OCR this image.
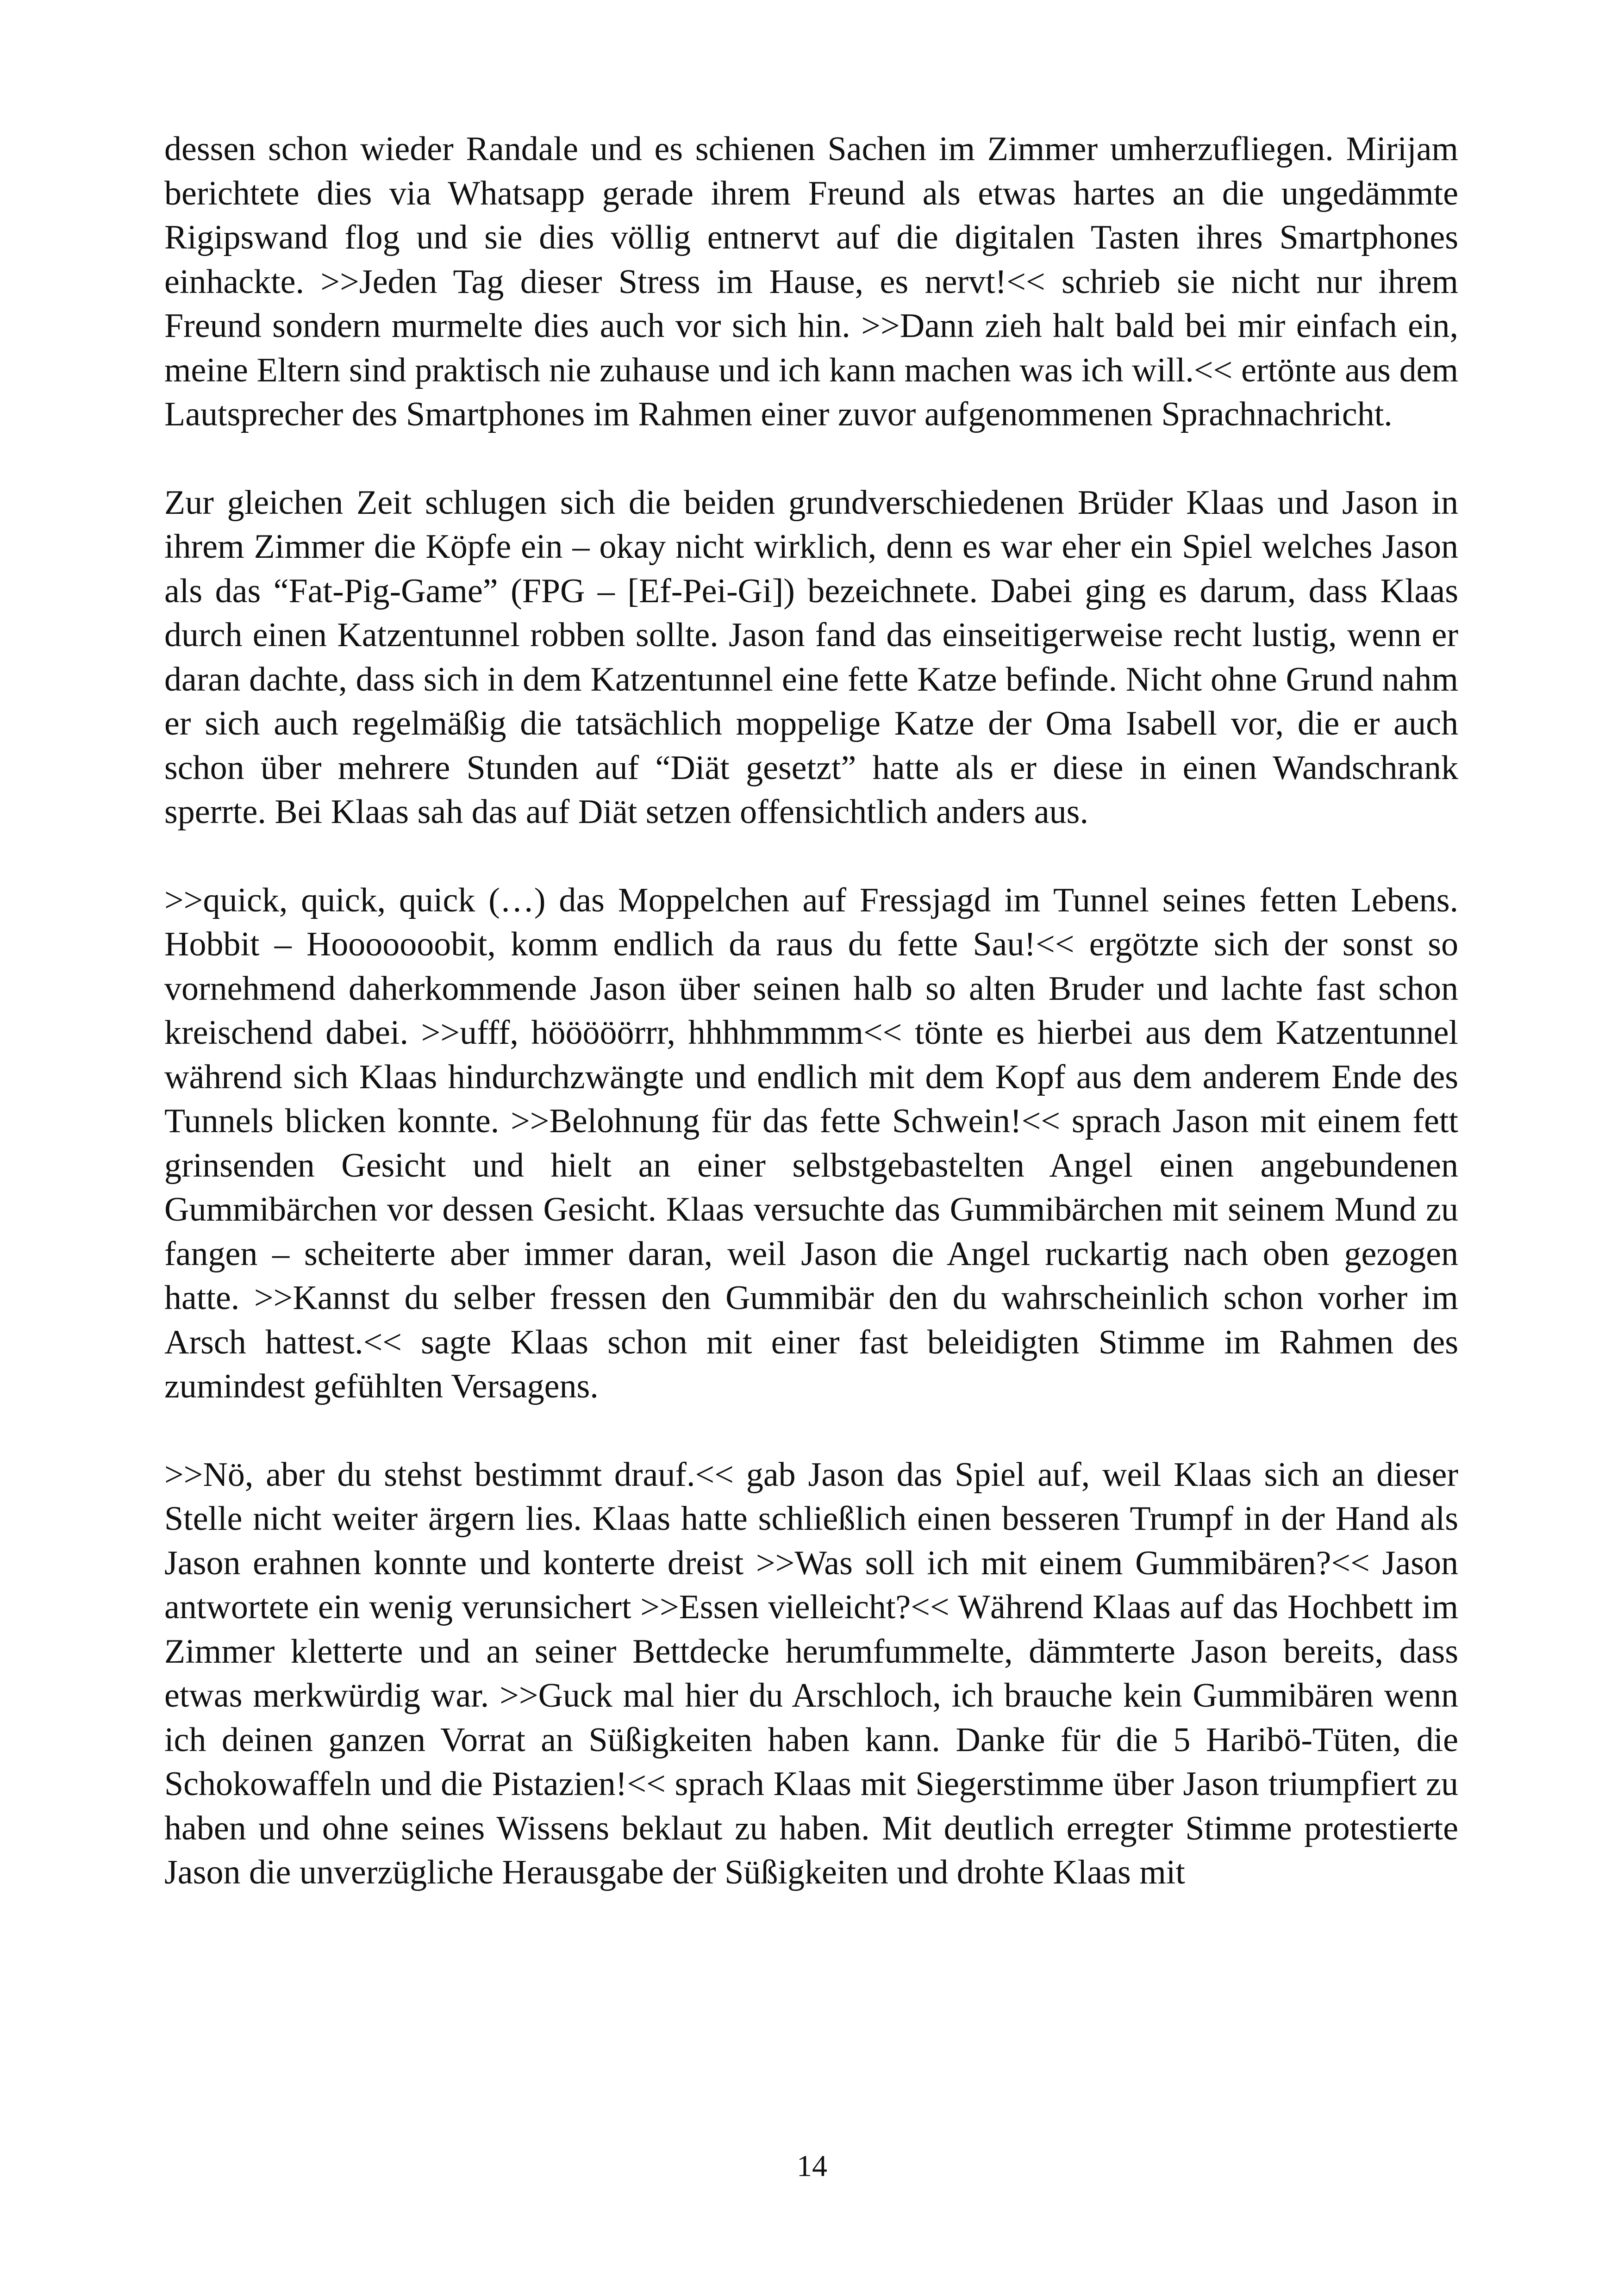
dessen schon wieder Randale und es schienen Sachen im Zimmer umherzufliegen. Mirijam berichtete dies via Whatsapp gerade ihrem Freund als etwas hartes an die ungedämmte Rigipswand flog und sie dies völlig entnervt auf die digitalen Tasten ihres Smartphones einhackte. >>Jeden Tag dieser Stress im Hause, es nervt!<< schrieb sie nicht nur ihrem Freund sondern murmelte dies auch vor sich hin. >>Dann zieh halt bald bei mir einfach ein, meine Eltern sind praktisch nie zuhause und ich kann machen was ich will.<< ertönte aus dem Lautsprecher des Smartphones im Rahmen einer zuvor aufgenommenen Sprachnachricht.

Zur gleichen Zeit schlugen sich die beiden grundverschiedenen Brüder Klaas und Jason in ihrem Zimmer die Köpfe ein – okay nicht wirklich, denn es war eher ein Spiel welches Jason als das “Fat-Pig-Game” (FPG – [Ef-Pei-Gi]) bezeichnete. Dabei ging es darum, dass Klaas durch einen Katzentunnel robben sollte. Jason fand das einseitigerweise recht lustig, wenn er daran dachte, dass sich in dem Katzentunnel eine fette Katze befinde. Nicht ohne Grund nahm er sich auch regelmäßig die tatsächlich moppelige Katze der Oma Isabell vor, die er auch schon über mehrere Stunden auf “Diät gesetzt” hatte als er diese in einen Wandschrank sperrte. Bei Klaas sah das auf Diät setzen offensichtlich anders aus.

>>quick, quick, quick (…) das Moppelchen auf Fressjagd im Tunnel seines fetten Lebens. Hobbit – Hooooooobit, komm endlich da raus du fette Sau!<< ergötzte sich der sonst so vornehmend daherkommende Jason über seinen halb so alten Bruder und lachte fast schon kreischend dabei. >>ufff, hööööörrr, hhhhmmmm<< tönte es hierbei aus dem Katzentunnel während sich Klaas hindurchzwängte und endlich mit dem Kopf aus dem anderem Ende des Tunnels blicken konnte. >>Belohnung für das fette Schwein!<< sprach Jason mit einem fett grinsenden Gesicht und hielt an einer selbstgebastelten Angel einen angebundenen Gummibärchen vor dessen Gesicht. Klaas versuchte das Gummibärchen mit seinem Mund zu fangen – scheiterte aber immer daran, weil Jason die Angel ruckartig nach oben gezogen hatte. >>Kannst du selber fressen den Gummibär den du wahrscheinlich schon vorher im Arsch hattest.<< sagte Klaas schon mit einer fast beleidigten Stimme im Rahmen des zumindest gefühlten Versagens.

>>Nö, aber du stehst bestimmt drauf.<< gab Jason das Spiel auf, weil Klaas sich an dieser Stelle nicht weiter ärgern lies. Klaas hatte schließlich einen besseren Trumpf in der Hand als Jason erahnen konnte und konterte dreist >>Was soll ich mit einem Gummibären?<< Jason antwortete ein wenig verunsichert >>Essen vielleicht?<< Während Klaas auf das Hochbett im Zimmer kletterte und an seiner Bettdecke herumfummelte, dämmterte Jason bereits, dass etwas merkwürdig war. >>Guck mal hier du Arschloch, ich brauche kein Gummibären wenn ich deinen ganzen Vorrat an Süßigkeiten haben kann. Danke für die 5 Haribö-Tüten, die Schokowaffeln und die Pistazien!<< sprach Klaas mit Siegerstimme über Jason triumpfiert zu haben und ohne seines Wissens beklaut zu haben. Mit deutlich erregter Stimme protestierte Jason die unverzügliche Herausgabe der Süßigkeiten und drohte Klaas mit

14
